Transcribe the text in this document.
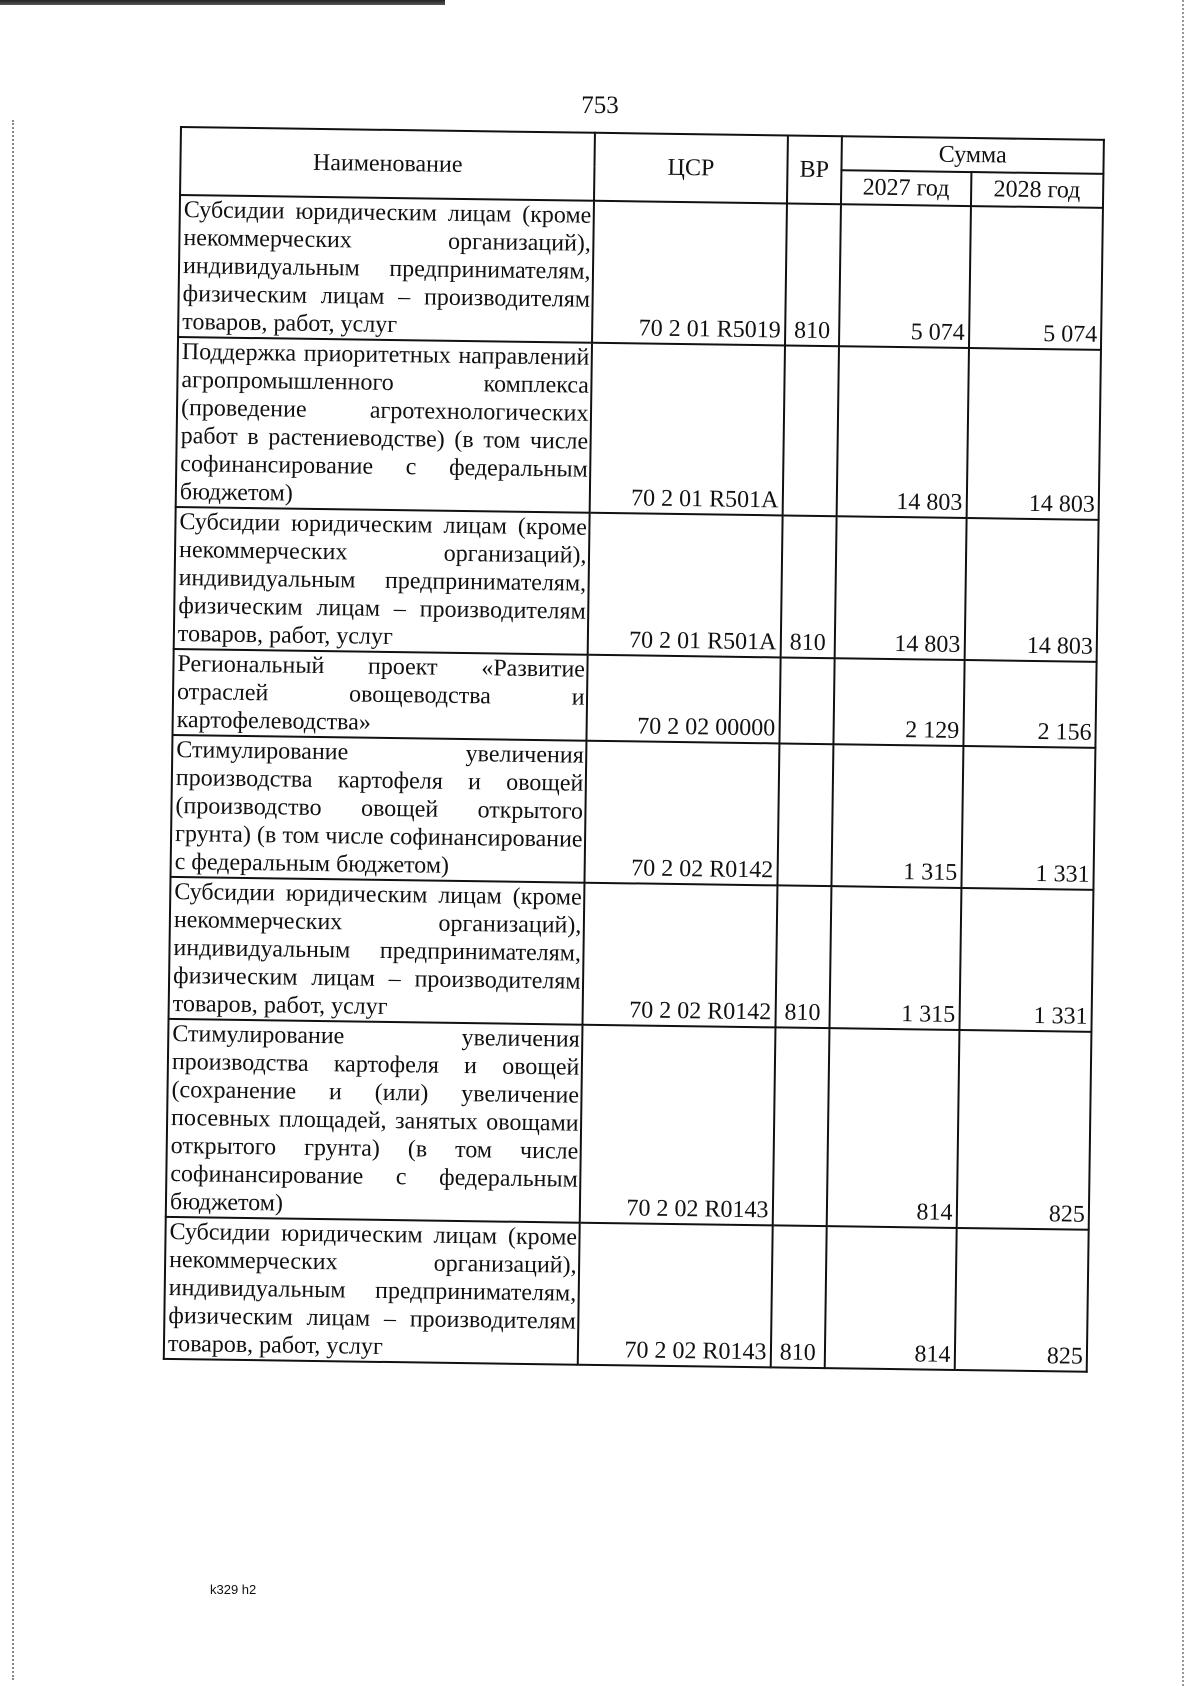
753
Наименование	ЦСР	ВР	Сумма	
			2027 год	2028 год
Субсидии юридическим лицам (кроме некоммерческих организаций), индивидуальным предпринимателям, физическим лицам – производителям товаров, работ, услуг	70 2 01 R5019	810	5 074	5 074
Поддержка приоритетных направлений агропромышленного комплекса (проведение агротехнологических работ в растениеводстве) (в том числе софинансирование с федеральным бюджетом)	70 2 01 R501A		14 803	14 803
Субсидии юридическим лицам (кроме некоммерческих организаций), индивидуальным предпринимателям, физическим лицам – производителям товаров, работ, услуг	70 2 01 R501A	810	14 803	14 803
Региональный проект «Развитие отраслей овощеводства и картофелеводства»	70 2 02 00000		2 129	2 156
Стимулирование увеличения производства картофеля и овощей (производство овощей открытого грунта) (в том числе софинансирование с федеральным бюджетом)	70 2 02 R0142		1 315	1 331
Субсидии юридическим лицам (кроме некоммерческих организаций), индивидуальным предпринимателям, физическим лицам – производителям товаров, работ, услуг	70 2 02 R0142	810	1 315	1 331
Стимулирование увеличения производства картофеля и овощей (сохранение и (или) увеличение посевных площадей, занятых овощами открытого грунта) (в том числе софинансирование с федеральным бюджетом)	70 2 02 R0143		814	825
Субсидии юридическим лицам (кроме некоммерческих организаций), индивидуальным предпринимателям, физическим лицам – производителям товаров, работ, услуг	70 2 02 R0143	810	814	825
k329 h2
